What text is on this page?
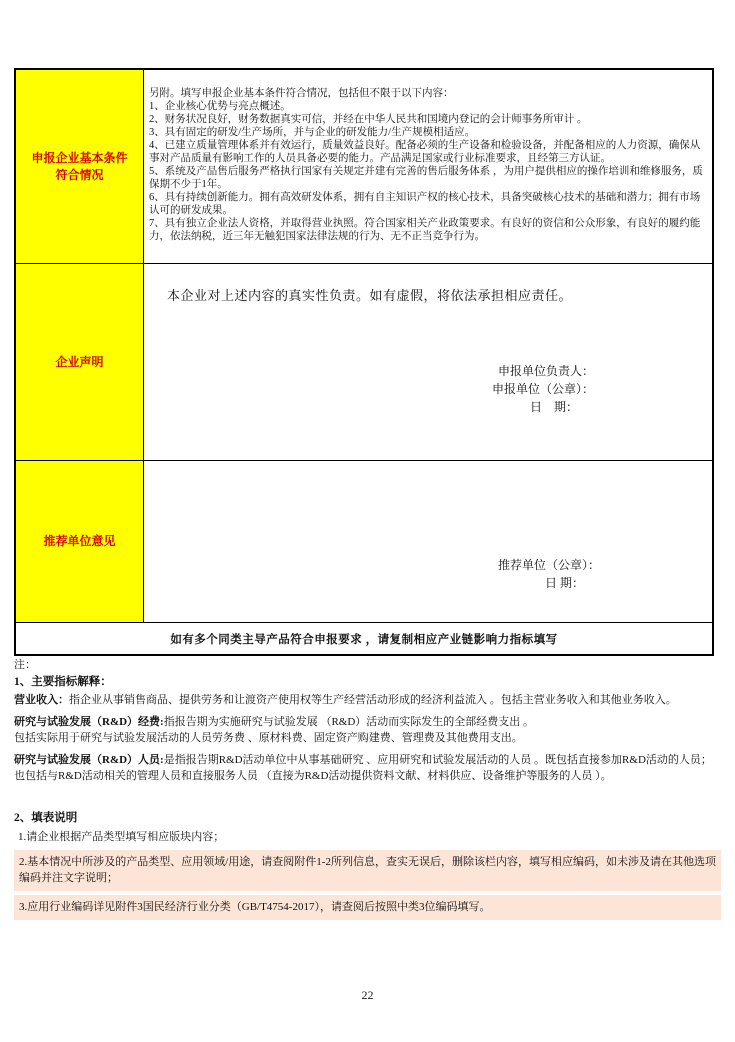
申报企业基本条件
符合情况
另附。填写申报企业基本条件符合情况，包括但不限于以下内容：
1、企业核心优势与亮点概述。
2、财务状况良好，财务数据真实可信，并经在中华人民共和国境内登记的会计师事务所审计 。
3、具有固定的研发/生产场所，并与企业的研发能力/生产规模相适应。
4、已建立质量管理体系并有效运行，质量效益良好。配备必须的生产设备和检验设备，并配备相应的人力资源，确保从事对产品质量有影响工作的人员具备必要的能力。产品满足国家或行业标准要求，且经第三方认证。
5、系统及产品售后服务严格执行国家有关规定并建有完善的售后服务体系 ，为用户提供相应的操作培训和维修服务，质保期不少于1年。
6、具有持续创新能力。拥有高效研发体系，拥有自主知识产权的核心技术，具备突破核心技术的基础和潜力；拥有市场认可的研发成果。
7、具有独立企业法人资格，并取得营业执照。符合国家相关产业政策要求。有良好的资信和公众形象，有良好的履约能力，依法纳税，近三年无触犯国家法律法规的行为、无不正当竞争行为。
企业声明
本企业对上述内容的真实性负责。如有虚假，将依法承担相应责任。
申报单位负责人：
申报单位（公章）：
日　期：
推荐单位意见
推荐单位（公章）：
日 期：
如有多个同类主导产品符合申报要求 ，请复制相应产业链影响力指标填写
注：
1、主要指标解释：

营业收入：指企业从事销售商品、提供劳务和让渡资产使用权等生产经营活动形成的经济利益流入 。包括主营业务收入和其他业务收入。

研究与试验发展（R&D）经费:指报告期为实施研究与试验发展 （R&D）活动而实际发生的全部经费支出 。
包括实际用于研究与试验发展活动的人员劳务费 、原材料费、固定资产购建费、管理费及其他费用支出。

研究与试验发展（R&D）人员:是指报告期R&D活动单位中从事基础研究 、应用研究和试验发展活动的人员 。既包括直接参加R&D活动的人员；也包括与R&D活动相关的管理人员和直接服务人员 （直接为R&D活动提供资料文献、材料供应、设备维护等服务的人员 ）。

2、填表说明
1.请企业根据产品类型填写相应版块内容；
2.基本情况中所涉及的产品类型、应用领域/用途，请查阅附件1-2所列信息，查实无误后，删除该栏内容，填写相应编码，如未涉及请在其他选项编码并注文字说明；
3.应用行业编码详见附件3国民经济行业分类（GB/T4754-2017），请查阅后按照中类3位编码填写。
22
